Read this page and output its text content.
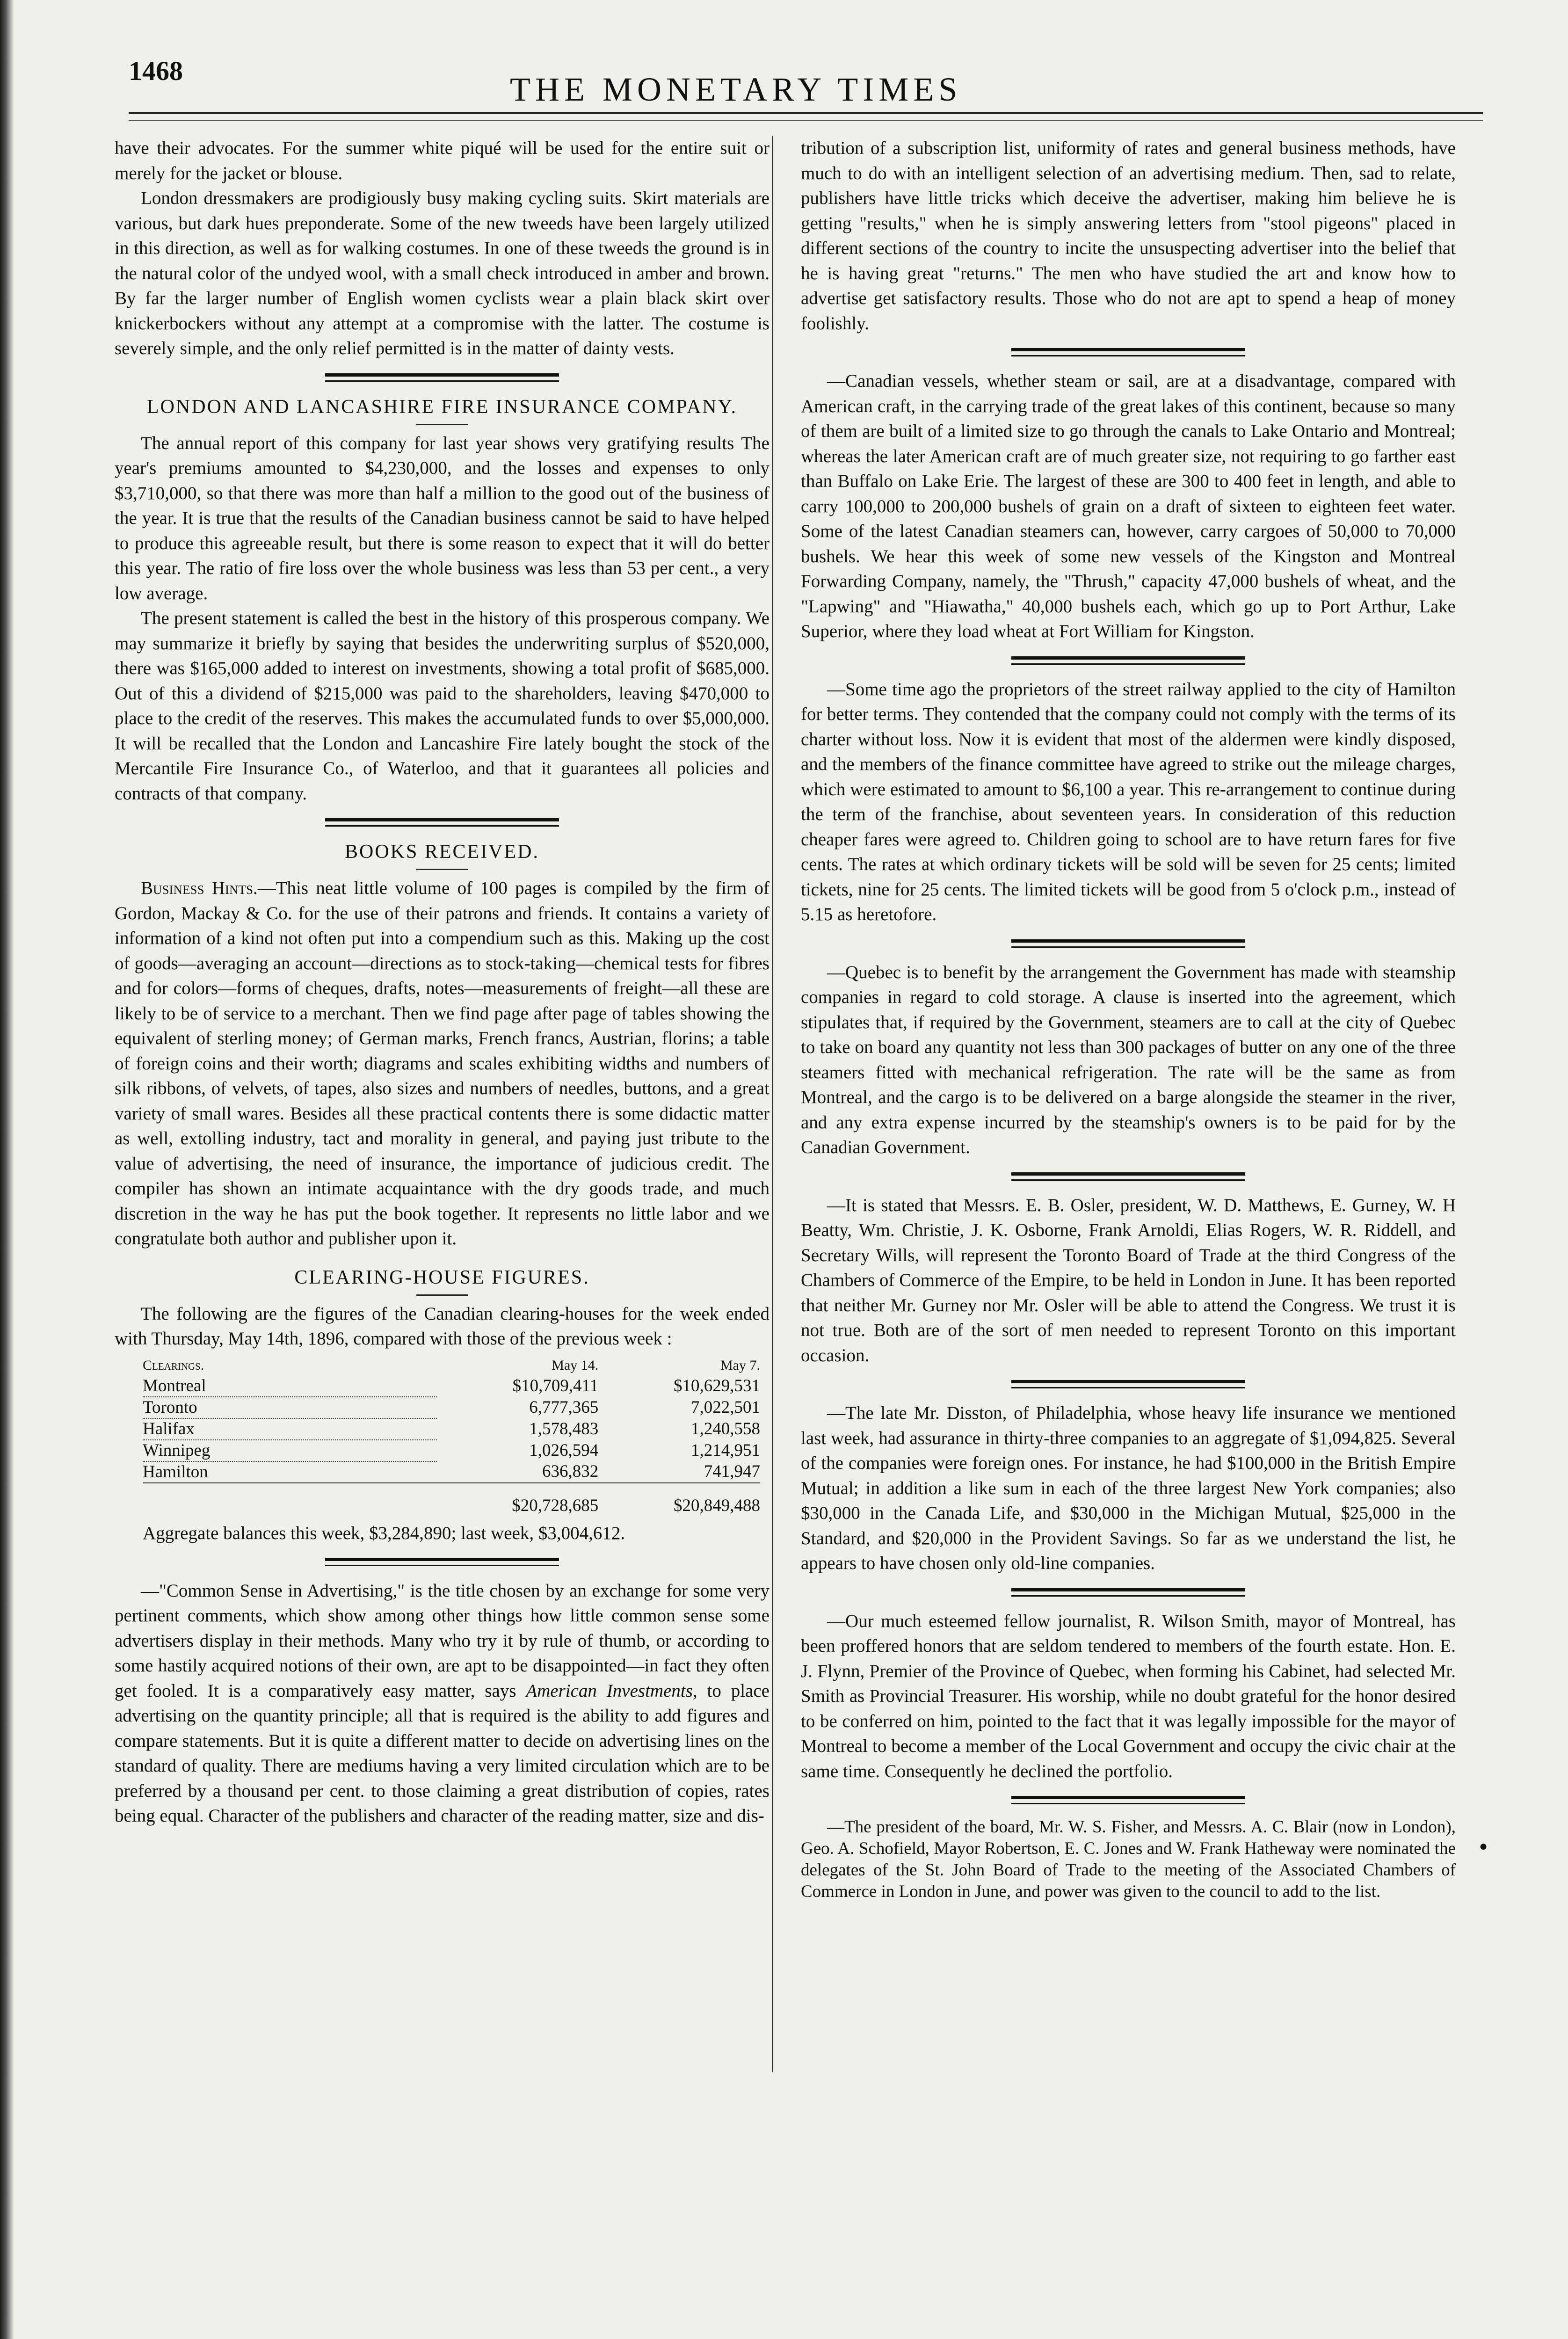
1468	THE MONETARY TIMES

have their advocates. For the summer white piqué will be used for the entire suit or merely for the jacket or blouse.

London dressmakers are prodigiously busy making cycling suits. Skirt materials are various, but dark hues preponderate. Some of the new tweeds have been largely utilized in this direction, as well as for walking costumes. In one of these tweeds the ground is in the natural color of the undyed wool, with a small check introduced in amber and brown. By far the larger number of English women cyclists wear a plain black skirt over knickerbockers without any attempt at a compromise with the latter. The costume is severely simple, and the only relief permitted is in the matter of dainty vests.

LONDON AND LANCASHIRE FIRE INSURANCE COMPANY.

The annual report of this company for last year shows very gratifying results The year's premiums amounted to $4,230,000, and the losses and expenses to only $3,710,000, so that there was more than half a million to the good out of the business of the year. It is true that the results of the Canadian business cannot be said to have helped to produce this agreeable result, but there is some reason to expect that it will do better this year. The ratio of fire loss over the whole business was less than 53 per cent., a very low average.

The present statement is called the best in the history of this prosperous company. We may summarize it briefly by saying that besides the underwriting surplus of $520,000, there was $165,000 added to interest on investments, showing a total profit of $685,000. Out of this a dividend of $215,000 was paid to the shareholders, leaving $470,000 to place to the credit of the reserves. This makes the accumulated funds to over $5,000,000. It will be recalled that the London and Lancashire Fire lately bought the stock of the Mercantile Fire Insurance Co., of Waterloo, and that it guarantees all policies and contracts of that company.

BOOKS RECEIVED.

Business Hints.—This neat little volume of 100 pages is compiled by the firm of Gordon, Mackay & Co. for the use of their patrons and friends. It contains a variety of information of a kind not often put into a compendium such as this. Making up the cost of goods—averaging an account—directions as to stock-taking—chemical tests for fibres and for colors—forms of cheques, drafts, notes—measurements of freight—all these are likely to be of service to a merchant. Then we find page after page of tables showing the equivalent of sterling money; of German marks, French francs, Austrian, florins; a table of foreign coins and their worth; diagrams and scales exhibiting widths and numbers of silk ribbons, of velvets, of tapes, also sizes and numbers of needles, buttons, and a great variety of small wares. Besides all these practical contents there is some didactic matter as well, extolling industry, tact and morality in general, and paying just tribute to the value of advertising, the need of insurance, the importance of judicious credit. The compiler has shown an intimate acquaintance with the dry goods trade, and much discretion in the way he has put the book together. It represents no little labor and we congratulate both author and publisher upon it.

CLEARING-HOUSE FIGURES.

The following are the figures of the Canadian clearing-houses for the week ended with Thursday, May 14th, 1896, compared with those of the previous week :

Clearings.	May 14.	May 7.
Montreal	$10,709,411	$10,629,531
Toronto	6,777,365	7,022,501
Halifax	1,578,483	1,240,558
Winnipeg	1,026,594	1,214,951
Hamilton	636,832	741,947
	$20,728,685	$20,849,488
Aggregate balances this week, $3,284,890; last week, $3,004,612.

—"Common Sense in Advertising," is the title chosen by an exchange for some very pertinent comments, which show among other things how little common sense some advertisers display in their methods. Many who try it by rule of thumb, or according to some hastily acquired notions of their own, are apt to be disappointed—in fact they often get fooled. It is a comparatively easy matter, says American Investments, to place advertising on the quantity principle; all that is required is the ability to add figures and compare statements. But it is quite a different matter to decide on advertising lines on the standard of quality. There are mediums having a very limited circulation which are to be preferred by a thousand per cent. to those claiming a great distribution of copies, rates being equal. Character of the publishers and character of the reading matter, size and dis-

tribution of a subscription list, uniformity of rates and general business methods, have much to do with an intelligent selection of an advertising medium. Then, sad to relate, publishers have little tricks which deceive the advertiser, making him believe he is getting "results," when he is simply answering letters from "stool pigeons" placed in different sections of the country to incite the unsuspecting advertiser into the belief that he is having great "returns." The men who have studied the art and know how to advertise get satisfactory results. Those who do not are apt to spend a heap of money foolishly.

—Canadian vessels, whether steam or sail, are at a disadvantage, compared with American craft, in the carrying trade of the great lakes of this continent, because so many of them are built of a limited size to go through the canals to Lake Ontario and Montreal; whereas the later American craft are of much greater size, not requiring to go farther east than Buffalo on Lake Erie. The largest of these are 300 to 400 feet in length, and able to carry 100,000 to 200,000 bushels of grain on a draft of sixteen to eighteen feet water. Some of the latest Canadian steamers can, however, carry cargoes of 50,000 to 70,000 bushels. We hear this week of some new vessels of the Kingston and Montreal Forwarding Company, namely, the "Thrush," capacity 47,000 bushels of wheat, and the "Lapwing" and "Hiawatha," 40,000 bushels each, which go up to Port Arthur, Lake Superior, where they load wheat at Fort William for Kingston.

—Some time ago the proprietors of the street railway applied to the city of Hamilton for better terms. They contended that the company could not comply with the terms of its charter without loss. Now it is evident that most of the aldermen were kindly disposed, and the members of the finance committee have agreed to strike out the mileage charges, which were estimated to amount to $6,100 a year. This re-arrangement to continue during the term of the franchise, about seventeen years. In consideration of this reduction cheaper fares were agreed to. Children going to school are to have return fares for five cents. The rates at which ordinary tickets will be sold will be seven for 25 cents; limited tickets, nine for 25 cents. The limited tickets will be good from 5 o'clock p.m., instead of 5.15 as heretofore.

—Quebec is to benefit by the arrangement the Government has made with steamship companies in regard to cold storage. A clause is inserted into the agreement, which stipulates that, if required by the Government, steamers are to call at the city of Quebec to take on board any quantity not less than 300 packages of butter on any one of the three steamers fitted with mechanical refrigeration. The rate will be the same as from Montreal, and the cargo is to be delivered on a barge alongside the steamer in the river, and any extra expense incurred by the steamship's owners is to be paid for by the Canadian Government.

—It is stated that Messrs. E. B. Osler, president, W. D. Matthews, E. Gurney, W. H Beatty, Wm. Christie, J. K. Osborne, Frank Arnoldi, Elias Rogers, W. R. Riddell, and Secretary Wills, will represent the Toronto Board of Trade at the third Congress of the Chambers of Commerce of the Empire, to be held in London in June. It has been reported that neither Mr. Gurney nor Mr. Osler will be able to attend the Congress. We trust it is not true. Both are of the sort of men needed to represent Toronto on this important occasion.

—The late Mr. Disston, of Philadelphia, whose heavy life insurance we mentioned last week, had assurance in thirty-three companies to an aggregate of $1,094,825. Several of the companies were foreign ones. For instance, he had $100,000 in the British Empire Mutual; in addition a like sum in each of the three largest New York companies; also $30,000 in the Canada Life, and $30,000 in the Michigan Mutual, $25,000 in the Standard, and $20,000 in the Provident Savings. So far as we understand the list, he appears to have chosen only old-line companies.

—Our much esteemed fellow journalist, R. Wilson Smith, mayor of Montreal, has been proffered honors that are seldom tendered to members of the fourth estate. Hon. E. J. Flynn, Premier of the Province of Quebec, when forming his Cabinet, had selected Mr. Smith as Provincial Treasurer. His worship, while no doubt grateful for the honor desired to be conferred on him, pointed to the fact that it was legally impossible for the mayor of Montreal to become a member of the Local Government and occupy the civic chair at the same time. Consequently he declined the portfolio.

—The president of the board, Mr. W. S. Fisher, and Messrs. A. C. Blair (now in London), Geo. A. Schofield, Mayor Robertson, E. C. Jones and W. Frank Hatheway were nominated the delegates of the St. John Board of Trade to the meeting of the Associated Chambers of Commerce in London in June, and power was given to the council to add to the list.

●
